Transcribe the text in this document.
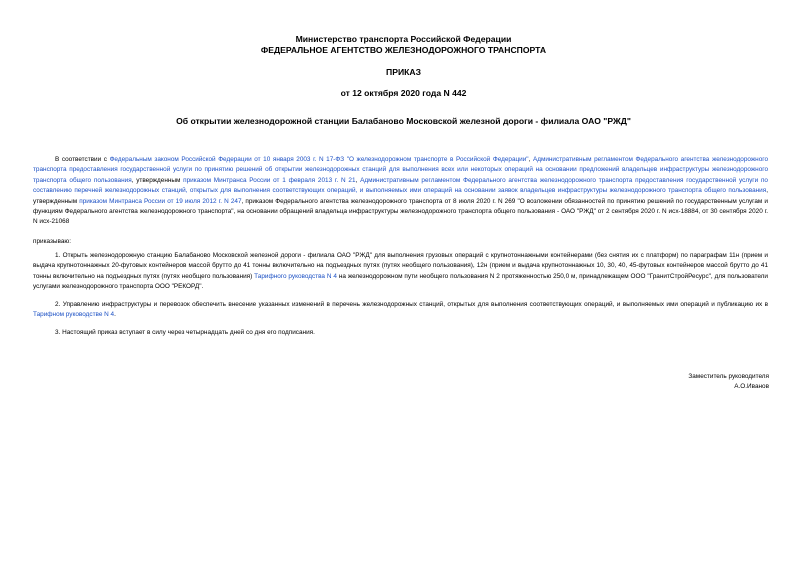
Министерство транспорта Российской Федерации
ФЕДЕРАЛЬНОЕ АГЕНТСТВО ЖЕЛЕЗНОДОРОЖНОГО ТРАНСПОРТА
ПРИКАЗ
от 12 октября 2020 года N 442
Об открытии железнодорожной станции Балабаново Московской железной дороги - филиала ОАО "РЖД"
В соответствии с Федеральным законом Российской Федерации от 10 января 2003 г. N 17-ФЗ "О железнодорожном транспорте в Российской Федерации", Административным регламентом Федерального агентства железнодорожного транспорта предоставления государственной услуги по принятию решений об открытии железнодорожных станций для выполнения всех или некоторых операций на основании предложений владельцев инфраструктуры железнодорожного транспорта общего пользования, утвержденным приказом Минтранса России от 1 февраля 2013 г. N 21, Административным регламентом Федерального агентства железнодорожного транспорта предоставления государственной услуги по составлению перечней железнодорожных станций, открытых для выполнения соответствующих операций, и выполняемых ими операций на основании заявок владельцев инфраструктуры железнодорожного транспорта общего пользования, утвержденным приказом Минтранса России от 19 июля 2012 г. N 247, приказом Федерального агентства железнодорожного транспорта от 8 июля 2020 г. N 269 "О возложении обязанностей по принятию решений по государственным услугам и функциям Федерального агентства железнодорожного транспорта", на основании обращений владельца инфраструктуры железнодорожного транспорта общего пользования - ОАО "РЖД" от 2 сентября 2020 г. N исх-18884, от 30 сентября 2020 г. N исх-21068
приказываю:
1. Открыть железнодорожную станцию Балабаново Московской железной дороги - филиала ОАО "РЖД" для выполнения грузовых операций с крупнотоннажными контейнерами (без снятия их с платформ) по параграфам 11н (прием и выдача крупнотоннажных 20-футовых контейнеров массой брутто до 41 тонны включительно на подъездных путях (путях необщего пользования), 12н (прием и выдача крупнотоннажных 10, 30, 40, 45-футовых контейнеров массой брутто до 41 тонны включительно на подъездных путях (путях необщего пользования) Тарифного руководства N 4 на железнодорожном пути необщего пользования N 2 протяженностью 250,0 м, принадлежащем ООО "ГранитСтройРесурс", для пользователи услугами железнодорожного транспорта ООО "РЕКОРД".
2. Управлению инфраструктуры и перевозок обеспечить внесение указанных изменений в перечень железнодорожных станций, открытых для выполнения соответствующих операций, и выполняемых ими операций и публикацию их в Тарифном руководстве N 4.
3. Настоящий приказ вступает в силу через четырнадцать дней со дня его подписания.
Заместитель руководителя
А.О.Иванов
